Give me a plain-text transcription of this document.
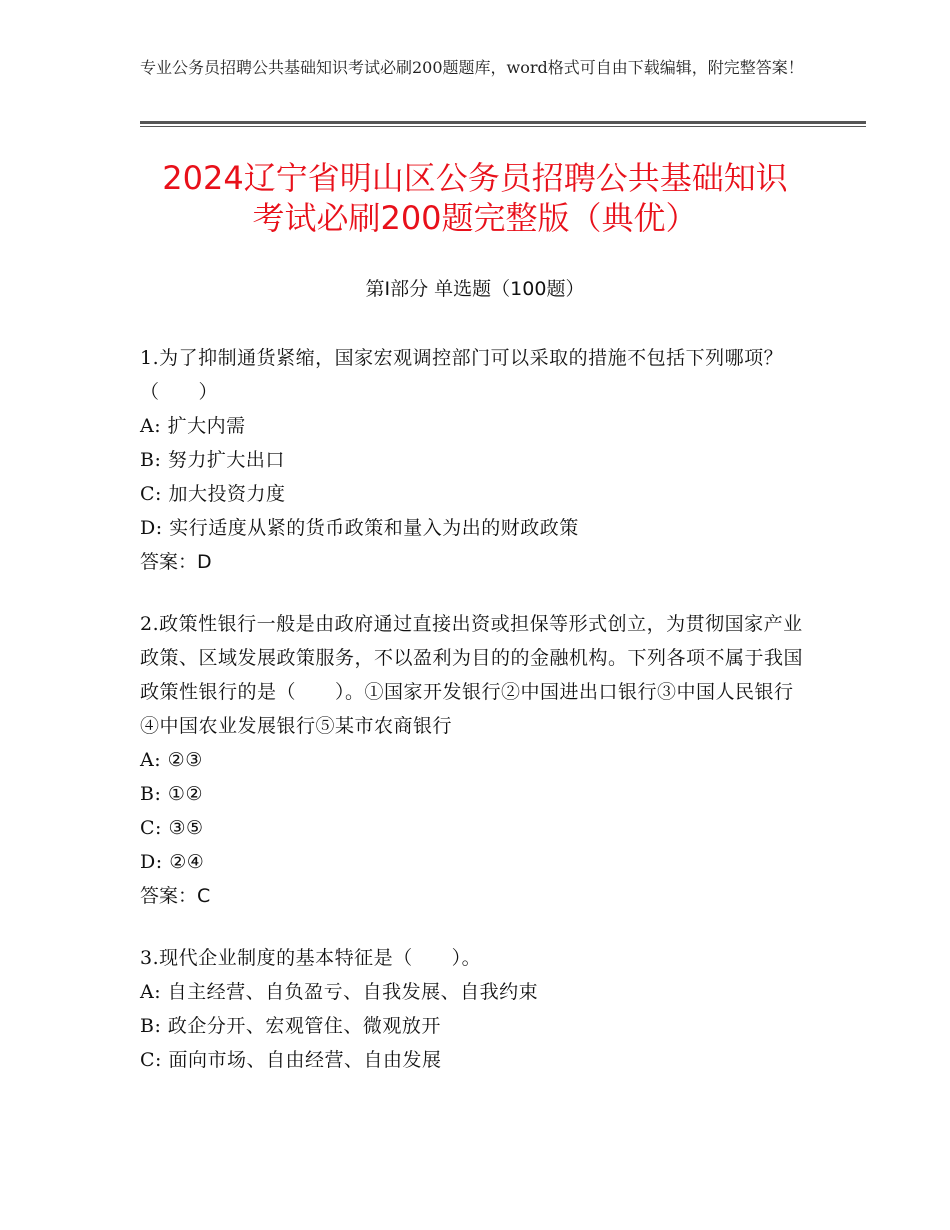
专业公务员招聘公共基础知识考试必刷200题题库，word格式可自由下载编辑，附完整答案！

2024辽宁省明山区公务员招聘公共基础知识
考试必刷200题完整版（典优）
第Ⅰ部分 单选题（100题）

1.为了抑制通货紧缩，国家宏观调控部门可以采取的措施不包括下列哪项？（　　）

A: 扩大内需

B: 努力扩大出口

C: 加大投资力度

D: 实行适度从紧的货币政策和量入为出的财政政策

答案：D

2.政策性银行一般是由政府通过直接出资或担保等形式创立，为贯彻国家产业政策、区域发展政策服务，不以盈利为目的的金融机构。下列各项不属于我国政策性银行的是（　　）。①国家开发银行②中国进出口银行③中国人民银行④中国农业发展银行⑤某市农商银行

A: ②③

B: ①②

C: ③⑤

D: ②④

答案：C

3.现代企业制度的基本特征是（　　）。

A: 自主经营、自负盈亏、自我发展、自我约束

B: 政企分开、宏观管住、微观放开

C: 面向市场、自由经营、自由发展
